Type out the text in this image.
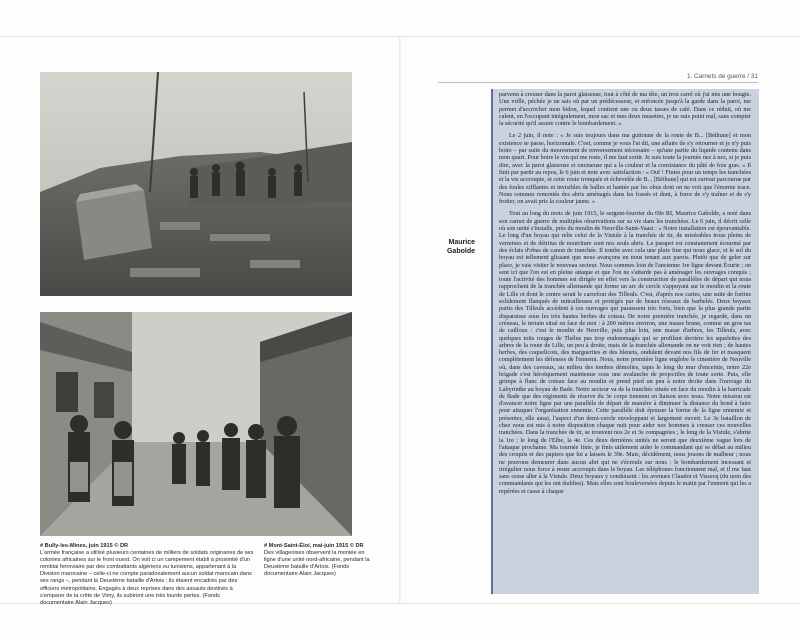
# Bully-les-Mines, juin 1915 © DR
L'armée française a utilisé plusieurs centaines de milliers de soldats originaires de ses colonies africaines sur le front ouest. On voit ci un campement établi à proximité d'un remblai ferroviaire par des combattants algériens ou tunisiens, appartenant à la Division marocaine – celle-ci ne compte paradoxalement aucun soldat marocain dans ses rangs –, pendant la Deuxième bataille d'Artois ; ils étaient encadrés par des officiers métropolitains. Engagés à deux reprises dans des assauts destinés à s'emparer de la crête de Vimy, ils subiront une très lourde pertes. (Fonds documentaire Alain Jacques)
# Mont-Saint-Éloi, mai-juin 1915 © DR
Des villageoises observent la montée en ligne d'une unité nord-africaine, pendant la Deuxième bataille d'Artois. (Fonds documentaire Alain Jacques)
1. Carnets de guerre / 31
Maurice
Gabolde

parvenu à creuser dans la paroi glaiseuse, tout à côté de ma tête, un trou carré où j'ai mis une bougie. Une vrille, péchée je ne sais où par un prédécesseur, et enfoncée jusqu'à la garde dans la paroi, me permet d'accrocher mon bidon, lequel contient une ou deux tasses de café. Dans ce réduit, où me calent, en l'occupant intégralement, mon sac et mes deux musettes, je ne suis point mal, sans compter la sécurité qu'il assure contre le bombardement. »

Le 2 juin, il note : « Je suis toujours dans ma guitoune de la route de B... [Béthune] et mon existence se passe, horizontale. C'est, comme je vous l'ai dit, une affaire de s'y retourner et je n'y puis boire – par suite du mouvement de renversement nécessaire – qu'une partie du liquide contenu dans mon quart. Pour boire le vin qui me reste, il me faut sortir. Je suis toute la journée nez à nez, si je puis dire, avec la paroi glaiseuse et onctueuse qui a la couleur et la consistance du pâté de foie gras. » Il finit par partir au repos, le 6 juin et note avec satisfaction : « Ouf ! Finies pour un temps les tranchées et la vie accroupie, et cette route tronquée et échevelée de B... [Béthune] qui est surtout parcourue par des foules sifflantes et invisibles de balles et hantée par les obus dont on ne voit que l'énorme trace. Nous sommes remontés des abris aménagés dans les fossés et dont, à force de s'y traîner et de s'y frotter, on avait pris la couleur jaune. »

Tout au long du mois de juin 1915, le sergent-fourrier du 69e RI, Maurice Gabolde, a noté dans son carnet de guerre de multiples observations sur sa vie dans les tranchées. Le 6 juin, il décrit celle où son unité s'installe, près du moulin de Neuville-Saint-Vaast : « Notre installation est épouvantable. Le long d'un boyau qui relie celui de la Vistule à la tranchée de tir, de misérables trous pleins de vermines et de détritus de nourriture sont nos seuls abris. Le parapet est constamment écourmé par des éclats d'obus de canon de tranchée. Il tombe avec cela une pluie fine qui nous glace, et le sol du boyau est tellement glissant que nous avançons en nous tenant aux parois. Plutôt que de geler sur place, je vais visiter le nouveau secteur. Nous sommes loin de l'ancienne 1re ligne devant Écurie ; on sent ici que l'on est en pleine attaque et que l'on ne s'attarde pas à aménager les ouvrages conquis ; toute l'activité des hommes est dirigée en effet vers la construction de parallèles de départ qui nous rapprochent de la tranchée allemande qui forme un arc de cercle s'appuyant sur le moulin et la route de Lille et dont le centre serait le carrefour des Tilleuls. C'est, d'après nos cartes, une suite de fortins solidement flanqués de mitrailleuses et protégés par de beaux réseaux de barbelés. Deux boyaux partis des Tilleuls accèdent à ces ouvrages qui paraissent très forts, bien que la plus grande partie disparaisse sous les très hautes herbes du coteau. De notre première tranchée, je regarde, dans un créneau, le terrain situé en face de moi : à 200 mètres environ, une masse brune, comme un gros tas de cailloux : c'est le moulin de Neuville, puis plus loin, une masse d'arbres, les Tilleuls, avec quelques toits rouges de Thélus pas trop endommagés qui se profilent derrière les squelettes des arbres de la route de Lille, un peu à droite, mais de la tranchée allemande on ne voit rien ; de hautes herbes, des coquelicots, des marguerites et des bleuets, ondulent devant nos fils de fer et masquent complètement les défenses de l'ennemi. Nous, notre première ligne englobe le cimetière de Neuville où, dans des caveaux, au milieu des tombes démolies, tapis le long du mur d'enceinte, notre 22e brigade s'est héroïquement maintenue sous une avalanche de projectiles de toute sorte. Puis, elle grimpe à flanc de coteau face au moulin et prend pied un peu à notre droite dans l'ouvrage du Labyrinthe au boyau de Bade. Notre secteur va de la tranchée située en face du moulin à la barricade de Bade que des régiments de réserve du 3e corps tiennent en liaison avec nous. Notre mission est d'avancer notre ligne par une parallèle de départ de manière à diminuer la distance du bond à faire pour attaquer l'organisation ennemie. Cette parallèle doit épouser la forme de la ligne ennemie et présenter, elle aussi, l'aspect d'un demi-cercle enveloppant et largement ouvert. Le 3e bataillon de chez nous est mis à notre disposition chaque nuit pour aider nos hommes à creuser ces nouvelles tranchées. Dans la tranchée de tir, se trouvent nos 2e et 3e compagnies ; le long de la Vistule, s'abrite la 1re ; le long de l'Elbe, la 4e. Ces deux dernières unités ne seront que deuxième vague lors de l'attaque prochaine. Ma tournée finie, je finis utilement aider le commandant qui se débat au milieu des croquis et des papiers que lui a laissés le 39e. Mais, décidément, nous jouons de malheur ; nous ne pouvons demeurer dans aucun abri qui ne s'écroule sur nous : le bombardement incessant et irrégulier nous force à rester accroupis dans le boyau. Les téléphones fonctionnent mal, et il me faut sans cesse aller à la Vistule. Deux boyaux y conduisent : les avenues Claudot et Vissecq (du nom des commandants qui les ont établies). Mais elles sont bouleversées depuis le matin par l'ennemi qui les a repérées et casse à chaque
